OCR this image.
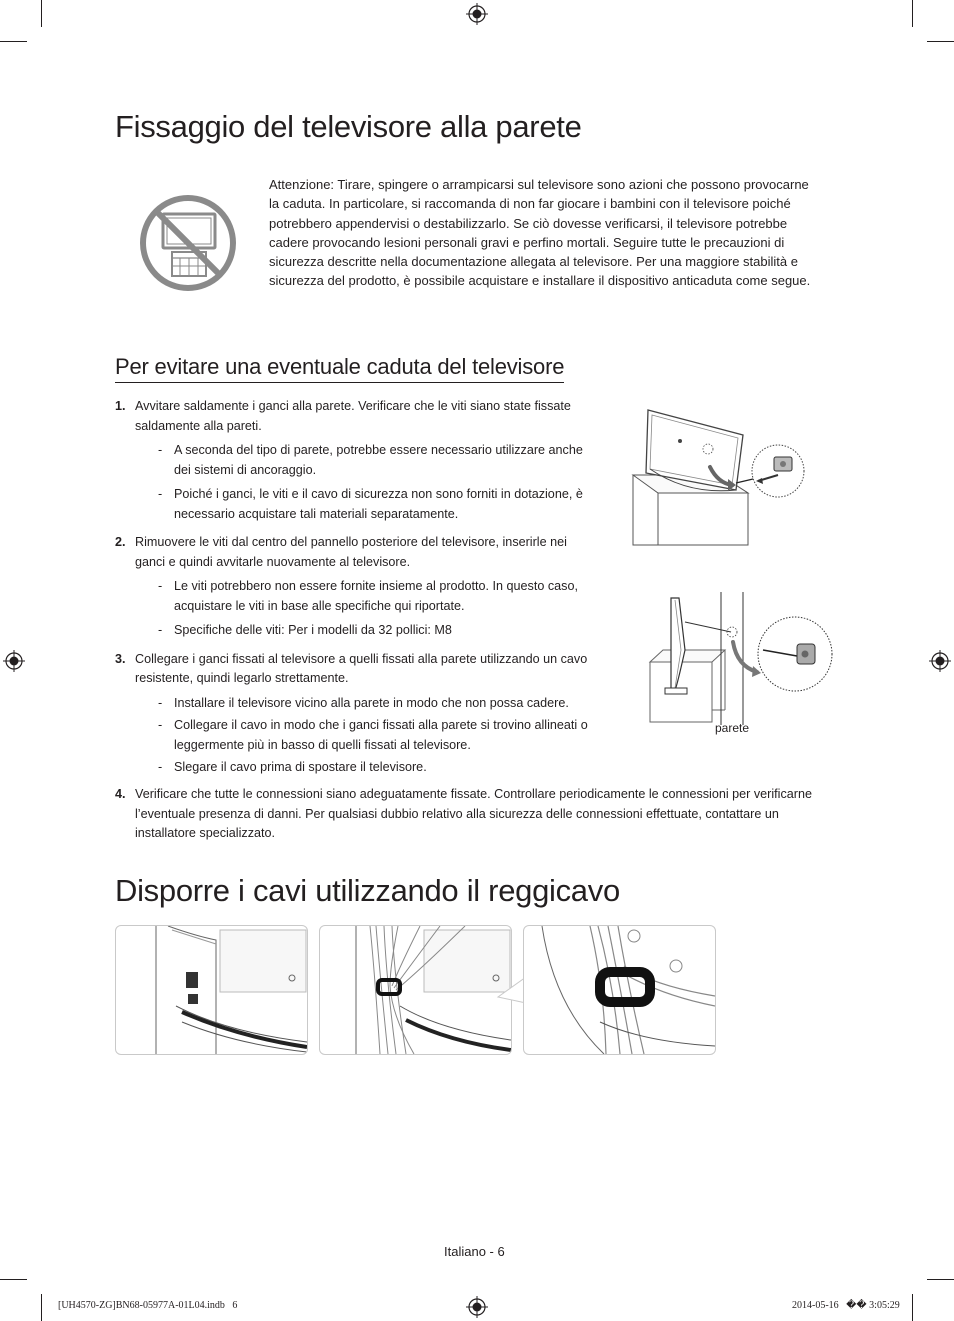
Fissaggio del televisore alla parete
Attenzione: Tirare, spingere o arrampicarsi sul televisore sono azioni che possono provocarne la caduta. In particolare, si raccomanda di non far giocare i bambini con il televisore poiché potrebbero appendervisi o destabilizzarlo. Se ciò dovesse verificarsi, il televisore potrebbe cadere provocando lesioni personali gravi e perfino mortali. Seguire tutte le precauzioni di sicurezza descritte nella documentazione allegata al televisore. Per una maggiore stabilità e sicurezza del prodotto, è possibile acquistare e installare il dispositivo anticaduta come segue.
Per evitare una eventuale caduta del televisore
1. Avvitare saldamente i ganci alla parete. Verificare che le viti siano state fissate saldamente alla pareti.
- A seconda del tipo di parete, potrebbe essere necessario utilizzare anche dei sistemi di ancoraggio.
- Poiché i ganci, le viti e il cavo di sicurezza non sono forniti in dotazione, è necessario acquistare tali materiali separatamente.
2. Rimuovere le viti dal centro del pannello posteriore del televisore, inserirle nei ganci e quindi avvitarle nuovamente al televisore.
- Le viti potrebbero non essere fornite insieme al prodotto. In questo caso, acquistare le viti in base alle specifiche qui riportate.
- Specifiche delle viti: Per i modelli da 32 pollici: M8
3. Collegare i ganci fissati al televisore a quelli fissati alla parete utilizzando un cavo resistente, quindi legarlo strettamente.
- Installare il televisore vicino alla parete in modo che non possa cadere.
- Collegare il cavo in modo che i ganci fissati alla parete si trovino allineati o leggermente più in basso di quelli fissati al televisore.
- Slegare il cavo prima di spostare il televisore.
4. Verificare che tutte le connessioni siano adeguatamente fissate. Controllare periodicamente le connessioni per verificarne l’eventuale presenza di danni. Per qualsiasi dubbio relativo alla sicurezza delle connessioni effettuate, contattare un installatore specializzato.
parete
Disporre i cavi utilizzando il reggicavo
Italiano - 6
[UH4570-ZG]BN68-05977A-01L04.indb   6	2014-05-16   �� 3:05:29
